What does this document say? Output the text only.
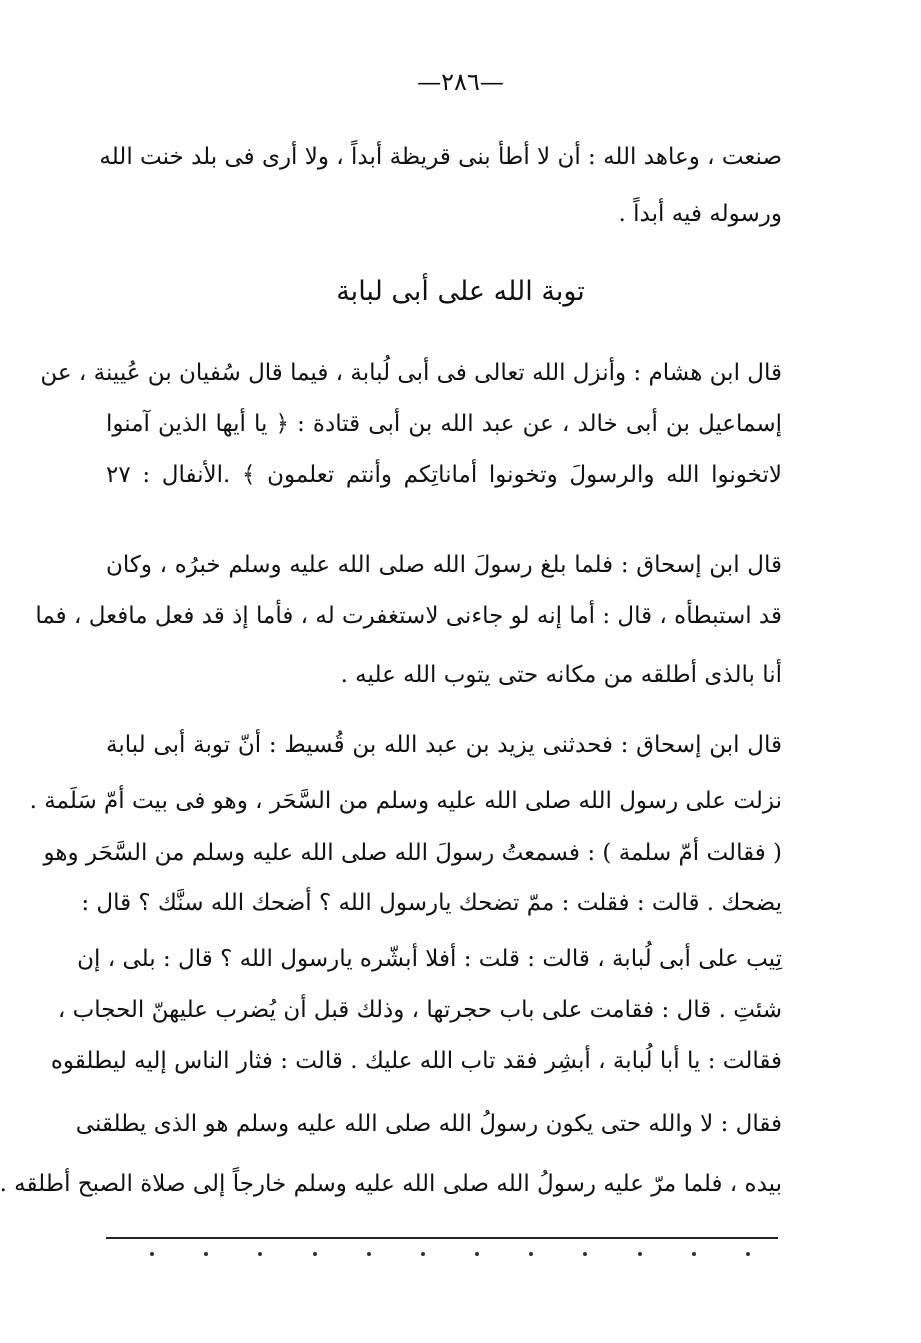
—٢٨٦—
صنعت ، وعاهد الله : أن لا أطأ بنى قريظة أبداً ، ولا أرى فى بلد خنت الله
ورسوله فيه أبداً .
توبة الله على أبى لبابة
قال ابن هشام : وأنزل الله تعالى فى أبى لُبابة ، فيما قال سُفيان بن عُيينة ، عن
إسماعيل بن أبى خالد ، عن عبد الله بن أبى قتادة : ﴿ يا أيها الذين آمنوا
لاتخونوا الله والرسولَ وتخونوا أماناتِكم وأنتم تعلمون ﴾ .الأنفال : ٢٧
قال ابن إسحاق : فلما بلغ رسولَ الله صلى الله عليه وسلم خبرُه ، وكان
قد استبطأه ، قال : أما إنه لو جاءنى لاستغفرت له ، فأما إذ قد فعل مافعل ، فما
أنا بالذى أطلقه من مكانه حتى يتوب الله عليه .
قال ابن إسحاق : فحدثنى يزيد بن عبد الله بن قُسيط : أنّ توبة أبى لبابة
نزلت على رسول الله صلى الله عليه وسلم من السَّحَر ، وهو فى بيت أمّ سَلَمة .
( فقالت أمّ سلمة ) : فسمعتُ رسولَ الله صلى الله عليه وسلم من السَّحَر وهو
يضحك . قالت : فقلت : ممّ تضحك يارسول الله ؟ أضحك الله سنَّك ؟ قال :
تِيب على أبى لُبابة ، قالت : قلت : أفلا أبشّره يارسول الله ؟ قال : بلى ، إن
شئتِ . قال : فقامت على باب حجرتها ، وذلك قبل أن يُضرب عليهنّ الحجاب ،
فقالت : يا أبا لُبابة ، أبشِر فقد تاب الله عليك . قالت : فثار الناس إليه ليطلقوه
فقال : لا والله حتى يكون رسولُ الله صلى الله عليه وسلم هو الذى يطلقنى
بيده ، فلما مرّ عليه رسولُ الله صلى الله عليه وسلم خارجاً إلى صلاة الصبح أطلقه .
